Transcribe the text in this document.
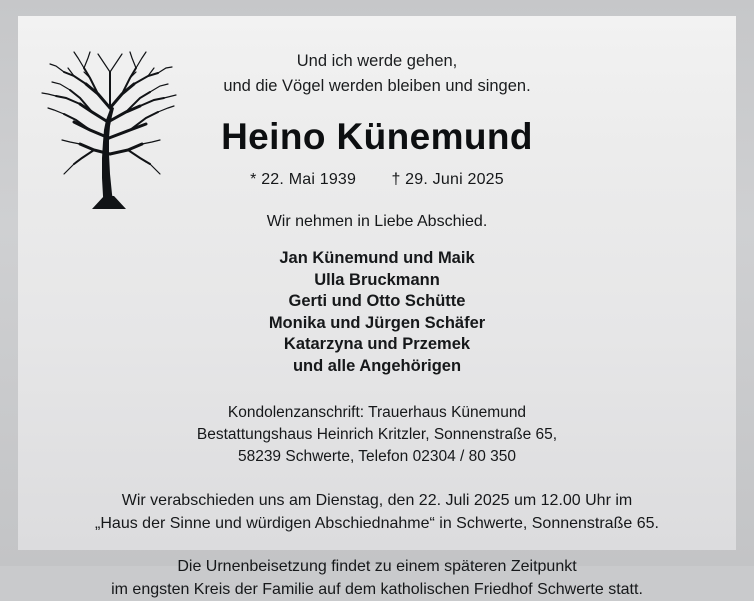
Und ich werde gehen,
und die Vögel werden bleiben und singen.
Heino Künemund
* 22. Mai 1939 † 29. Juni 2025
Wir nehmen in Liebe Abschied.
Jan Künemund und Maik
Ulla Bruckmann
Gerti und Otto Schütte
Monika und Jürgen Schäfer
Katarzyna und Przemek
und alle Angehörigen
Kondolenzanschrift: Trauerhaus Künemund
Bestattungshaus Heinrich Kritzler, Sonnenstraße 65,
58239 Schwerte, Telefon 02304 / 80 350
Wir verabschieden uns am Dienstag, den 22. Juli 2025 um 12.00 Uhr im
„Haus der Sinne und würdigen Abschiednahme“ in Schwerte, Sonnenstraße 65.
Die Urnenbeisetzung findet zu einem späteren Zeitpunkt
im engsten Kreis der Familie auf dem katholischen Friedhof Schwerte statt.
